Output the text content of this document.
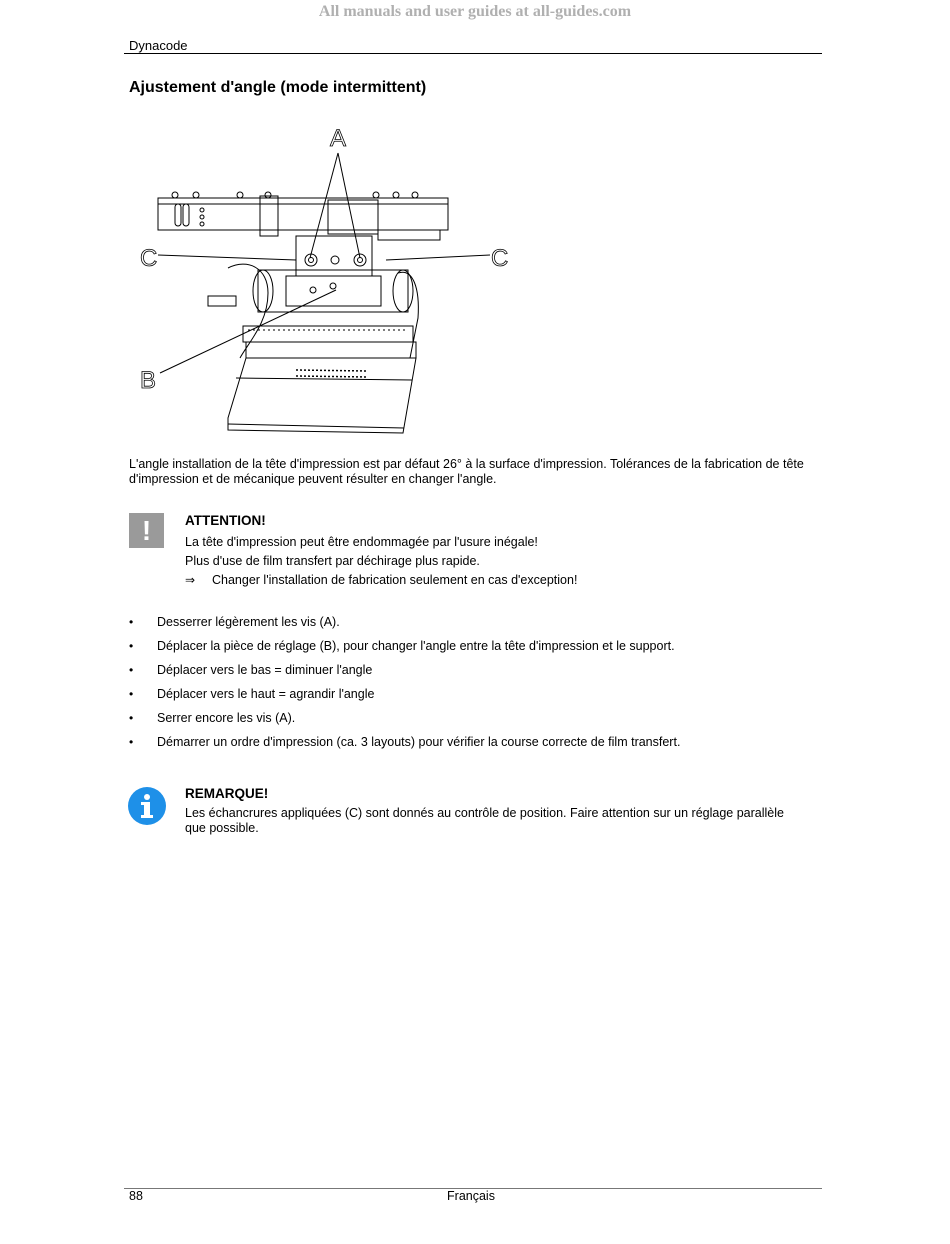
All manuals and user guides at all-guides.com
Dynacode
Ajustement d'angle (mode intermittent)
A
C	C
B
L'angle installation de la tête d'impression est par défaut 26° à la surface d'impression. Tolérances de la fabrication de tête d'impression et de mécanique peuvent résulter en changer l'angle.
!	ATTENTION!
La tête d'impression peut être endommagée par l'usure inégale!
Plus d'use de film transfert par déchirage plus rapide.
⇒	Changer l'installation de fabrication seulement en cas d'exception!
•	Desserrer légèrement les vis (A).
•	Déplacer la pièce de réglage (B), pour changer l'angle entre la tête d'impression et le support.
•	Déplacer vers le bas = diminuer l'angle
•	Déplacer vers le haut = agrandir l'angle
•	Serrer encore les vis (A).
•	Démarrer un ordre d'impression (ca. 3 layouts) pour vérifier la course correcte de film transfert.
REMARQUE!
Les échancrures appliquées (C) sont donnés au contrôle de position. Faire attention sur un réglage parallèle que possible.
88	Français
